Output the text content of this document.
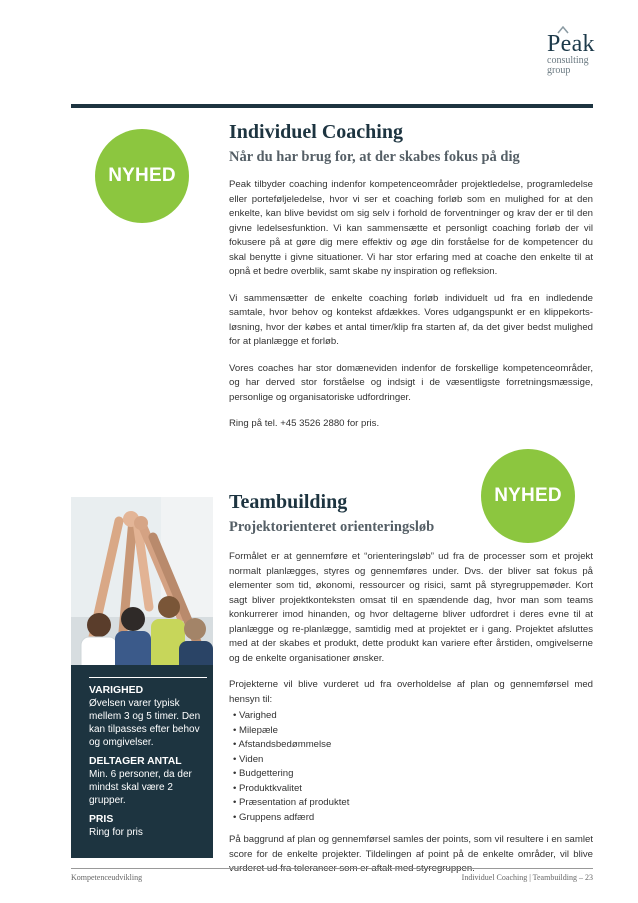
Peak
consulting
group
NYHED
NYHED
Individuel Coaching
Når du har brug for, at der skabes fokus på dig

Peak tilbyder coaching indenfor kompetenceområder projektledelse, programledelse eller porteføljeledelse, hvor vi ser et coaching forløb som en mulighed for at den enkelte, kan blive bevidst om sig selv i forhold de forventninger og krav der er til den givne ledelsesfunktion. Vi kan sammensætte et personligt coaching forløb der vil fokusere på at gøre dig mere effektiv og øge din forståelse for de kompetencer du skal benytte i givne situationer. Vi har stor erfaring med at coache den enkelte til at opnå et bedre overblik, samt skabe ny inspiration og refleksion.

Vi sammensætter de enkelte coaching forløb individuelt ud fra en indledende samtale, hvor behov og kontekst afdækkes. Vores udgangspunkt er en klippekorts-løsning, hvor der købes et antal timer/klip fra starten af, da det giver bedst mulighed for at planlægge et forløb.

Vores coaches har stor domæneviden indenfor de forskellige kompetenceområder, og har derved stor forståelse og indsigt i de væsentligste forretningsmæssige, personlige og organisatoriske udfordringer.

Ring på tel. +45 3526 2880 for pris.

VARIGHED
Øvelsen varer typisk mellem 3 og 5 timer. Den kan tilpasses efter behov og omgivelser.
DELTAGER ANTAL
Min. 6 personer, da der mindst skal være 2 grupper.
PRIS
Ring for pris
Teambuilding
Projektorienteret orienteringsløb

Formålet er at gennemføre et “orienteringsløb” ud fra de processer som et projekt normalt planlægges, styres og gennemføres under. Dvs. der bliver sat fokus på elementer som tid, økonomi, ressourcer og risici, samt på styregruppemøder. Kort sagt bliver projektkonteksten omsat til en spændende dag, hvor man som teams konkurrerer imod hinanden, og hvor deltagerne bliver udfordret i deres evne til at planlægge og re-planlægge, samtidig med at projektet er i gang. Projektet afsluttes med at der skabes et produkt, dette produkt kan variere efter årstiden, omgivelserne og de enkelte organisationer ønsker.

Projekterne vil blive vurderet ud fra overholdelse af plan og gennemførsel med hensyn til:

• Varighed
• Milepæle
• Afstandsbedømmelse
• Viden
• Budgettering
• Produktkvalitet
• Præsentation af produktet
• Gruppens adfærd

På baggrund af plan og gennemførsel samles der points, som vil resultere i en samlet score for de enkelte projekter. Tildelingen af point på de enkelte områder, vil blive

Kompetenceudvikling	Individuel Coaching | Teambuilding – 23
